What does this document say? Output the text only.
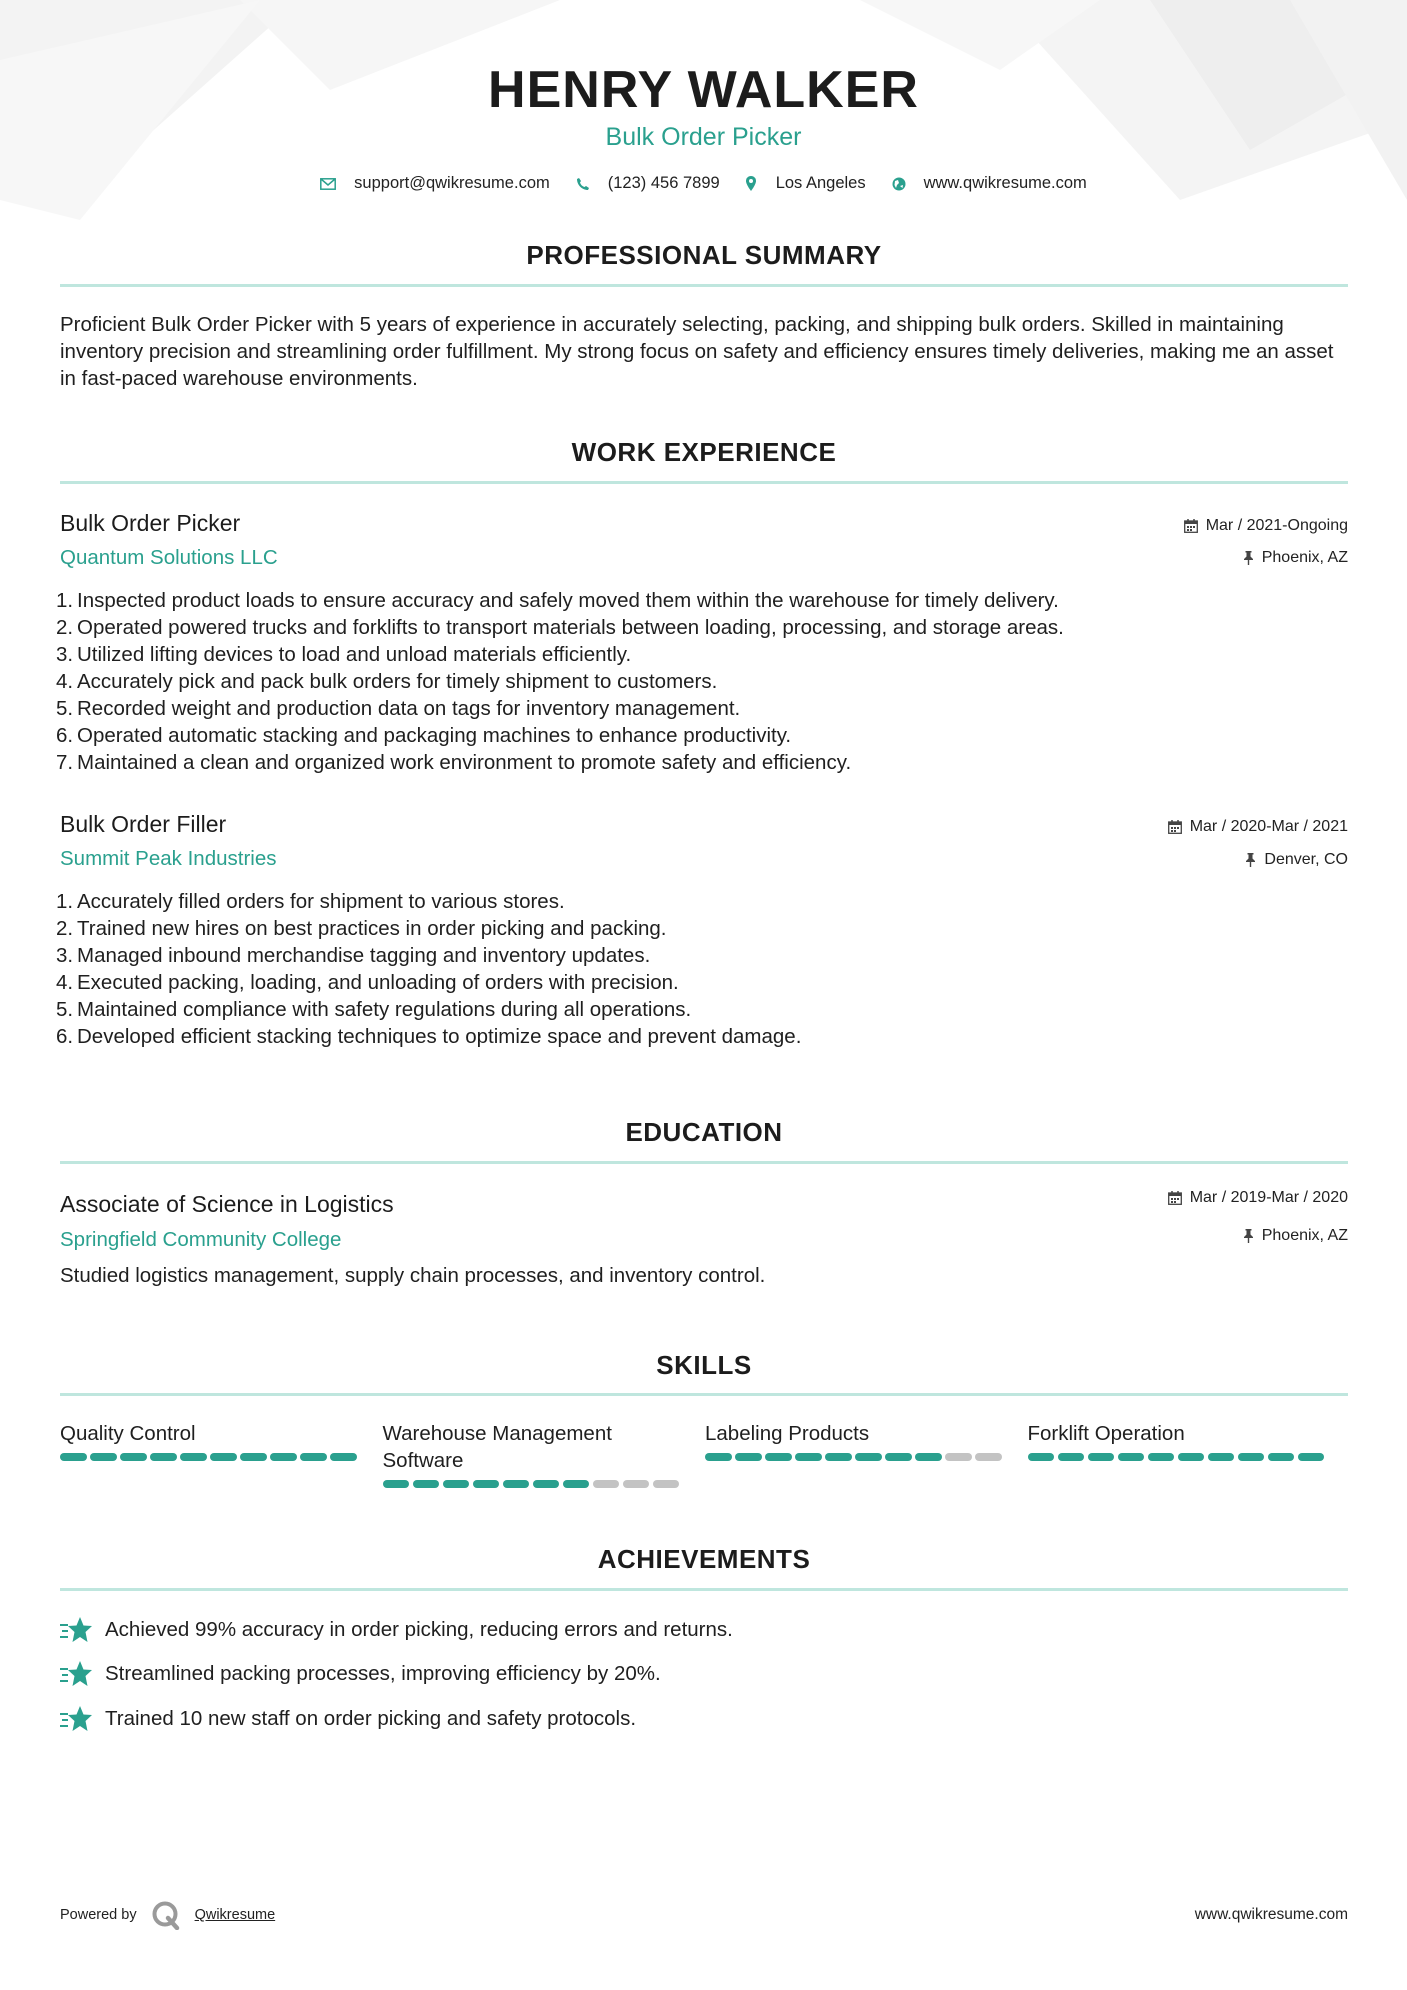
HENRY WALKER
Bulk Order Picker
support@qwikresume.com	(123) 456 7899	Los Angeles	www.qwikresume.com
PROFESSIONAL SUMMARY
Proficient Bulk Order Picker with 5 years of experience in accurately selecting, packing, and shipping bulk orders. Skilled in maintaining inventory precision and streamlining order fulfillment. My strong focus on safety and efficiency ensures timely deliveries, making me an asset in fast-paced warehouse environments.
WORK EXPERIENCE
Bulk Order Picker
Quantum Solutions LLC
Mar / 2021-Ongoing
Phoenix, AZ
1. Inspected product loads to ensure accuracy and safely moved them within the warehouse for timely delivery.
2. Operated powered trucks and forklifts to transport materials between loading, processing, and storage areas.
3. Utilized lifting devices to load and unload materials efficiently.
4. Accurately pick and pack bulk orders for timely shipment to customers.
5. Recorded weight and production data on tags for inventory management.
6. Operated automatic stacking and packaging machines to enhance productivity.
7. Maintained a clean and organized work environment to promote safety and efficiency.
Bulk Order Filler
Summit Peak Industries
Mar / 2020-Mar / 2021
Denver, CO
1. Accurately filled orders for shipment to various stores.
2. Trained new hires on best practices in order picking and packing.
3. Managed inbound merchandise tagging and inventory updates.
4. Executed packing, loading, and unloading of orders with precision.
5. Maintained compliance with safety regulations during all operations.
6. Developed efficient stacking techniques to optimize space and prevent damage.
EDUCATION
Associate of Science in Logistics
Springfield Community College
Mar / 2019-Mar / 2020
Phoenix, AZ
Studied logistics management, supply chain processes, and inventory control.
SKILLS
Quality Control	Warehouse Management Software
Labeling Products	Forklift Operation
ACHIEVEMENTS
Achieved 99% accuracy in order picking, reducing errors and returns.
Streamlined packing processes, improving efficiency by 20%.
Trained 10 new staff on order picking and safety protocols.
Powered by	Qwikresume	www.qwikresume.com
